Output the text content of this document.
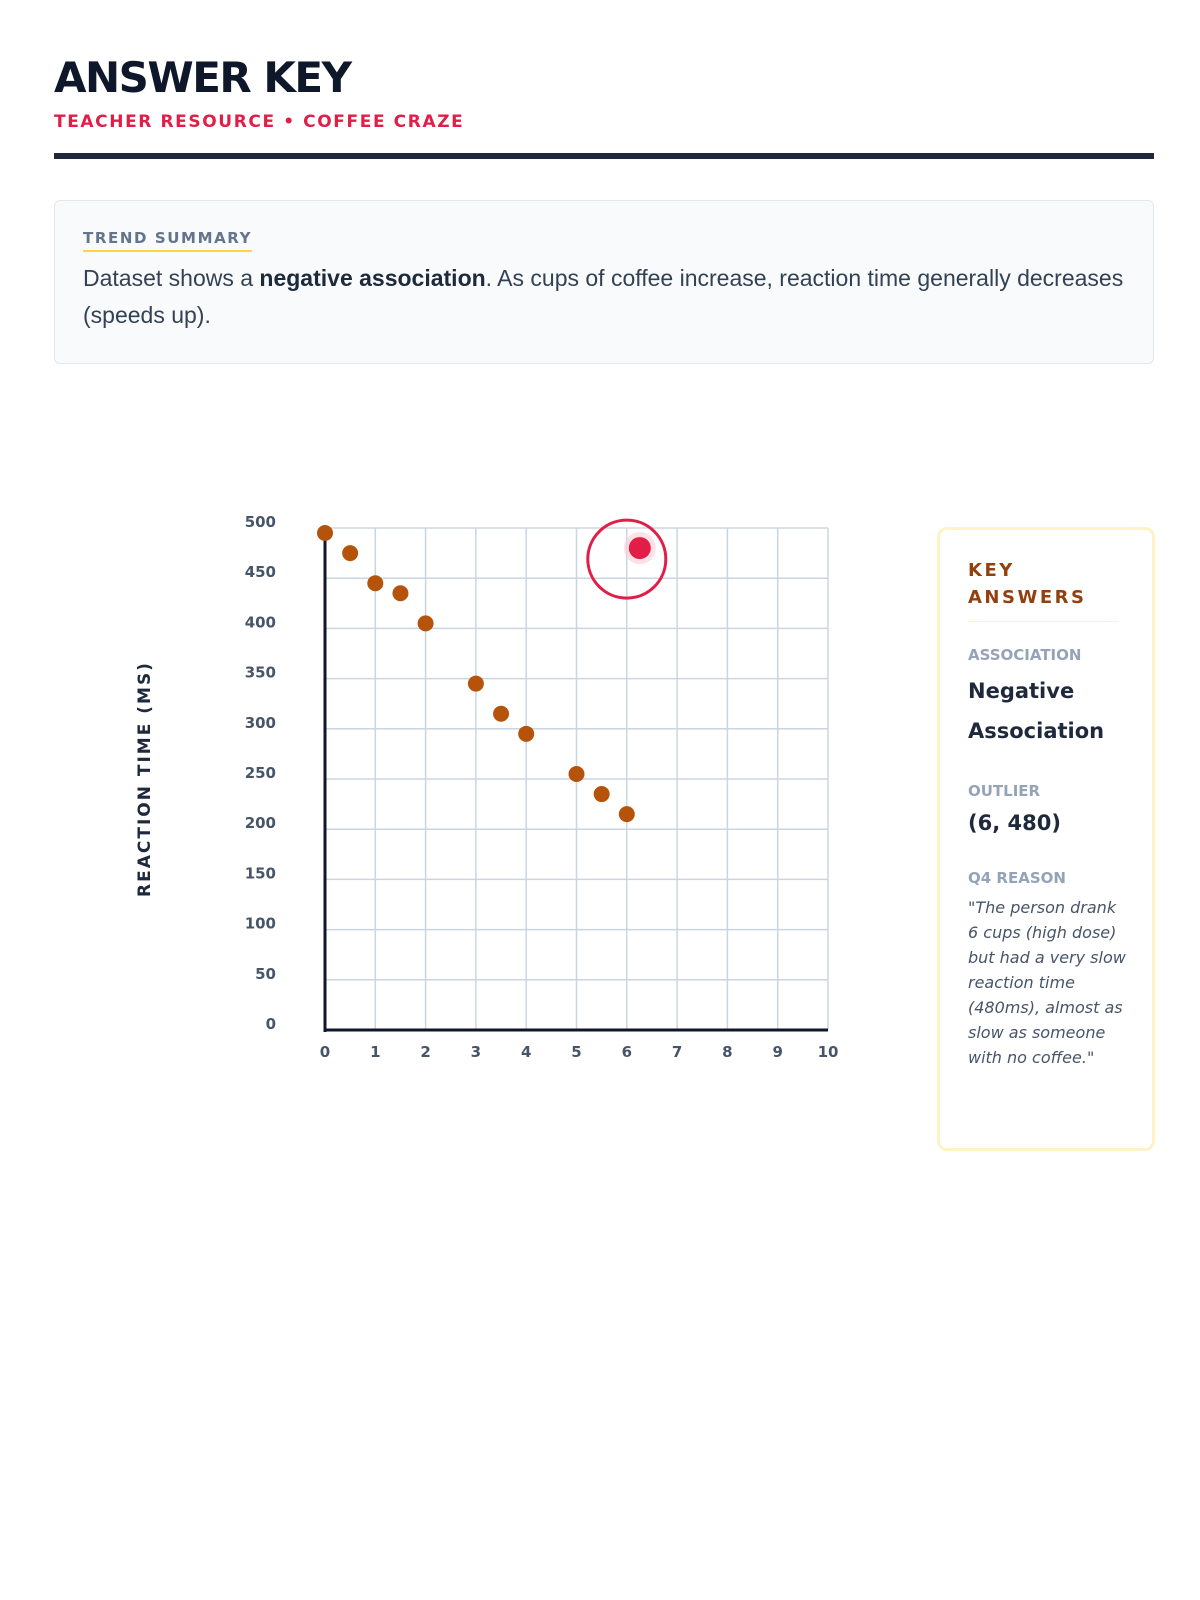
ANSWER KEY
TEACHER RESOURCE • COFFEE CRAZE
TREND SUMMARY
Dataset shows a negative association. As cups of coffee increase, reaction time generally decreases (speeds up).
0	1	2	3	4	5	6	7	8	9 10
0
50
100
150
200
250
300
350
400
450
500
REACTION TIME (MS)
KEY ANSWERS
ASSOCIATION
Negative Association
OUTLIER
(6, 480)
Q4 REASON
"The person drank 6 cups (high dose) but had a very slow reaction time (480ms), almost as slow as someone with no coffee."
